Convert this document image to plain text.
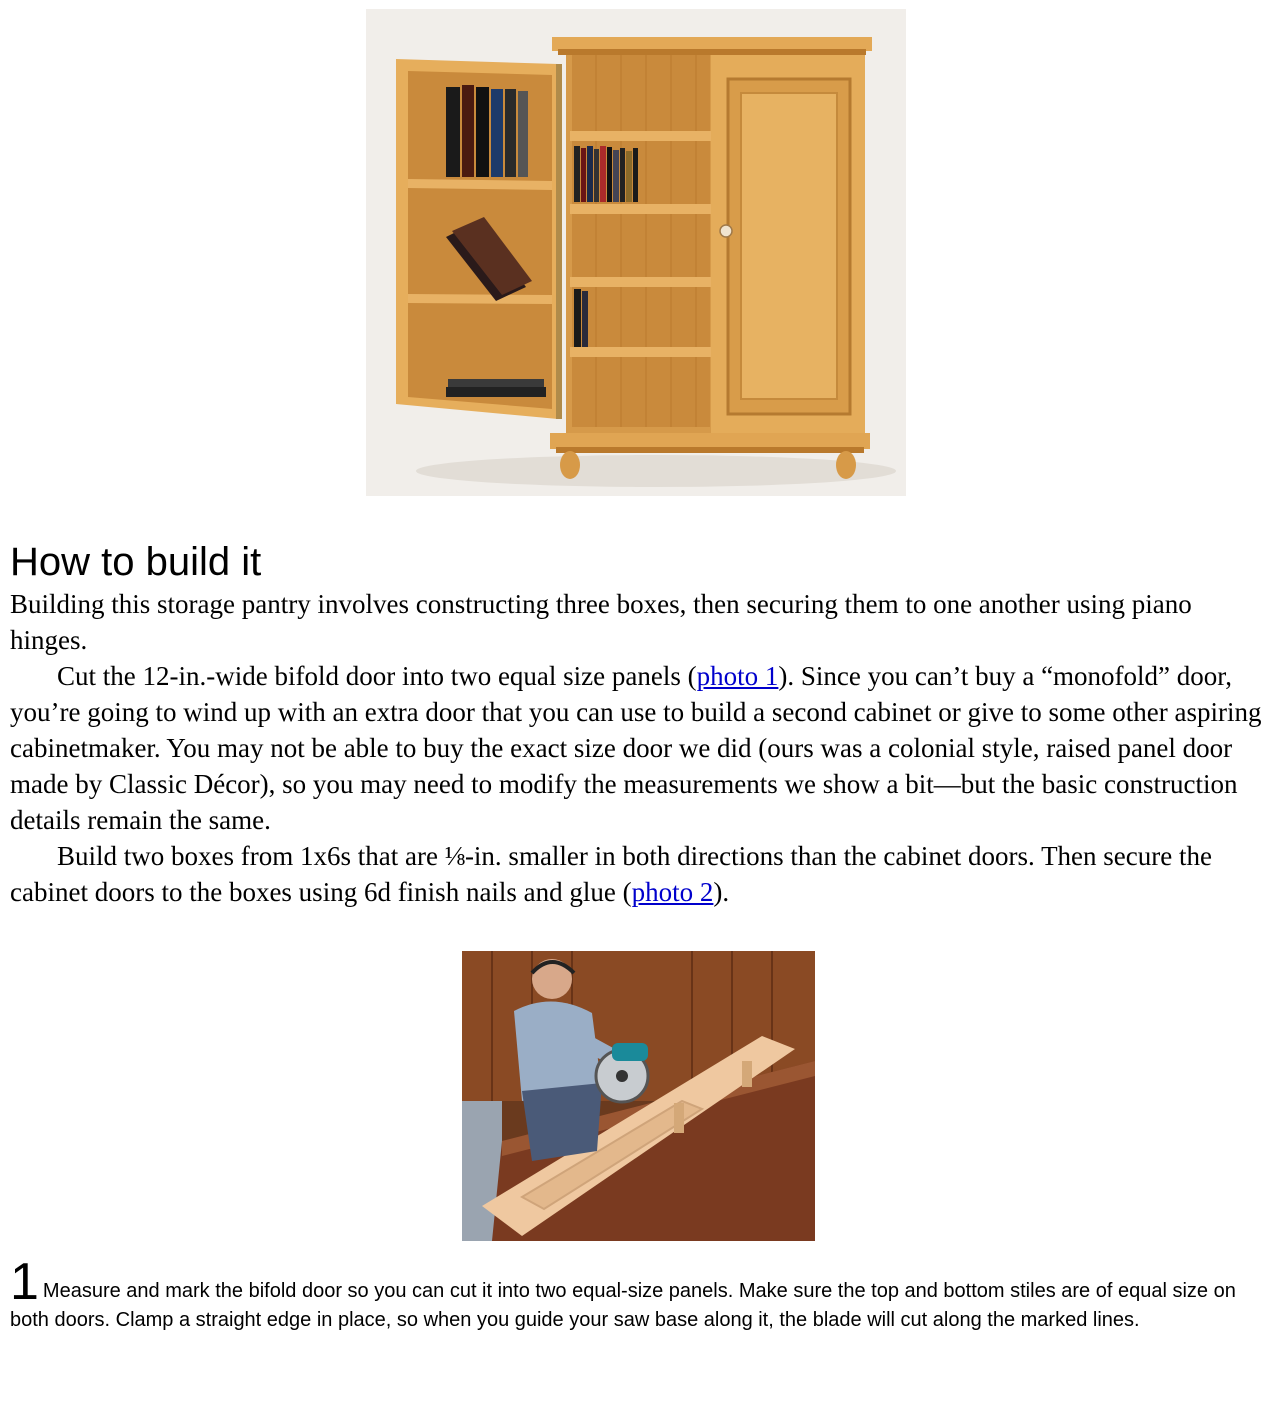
How to build it

Building this storage pantry involves constructing three boxes, then securing them to one another using piano hinges.

Cut the 12-in.-wide bifold door into two equal size panels (photo 1). Since you can’t buy a “monofold” door, you’re going to wind up with an extra door that you can use to build a second cabinet or give to some other aspiring cabinetmaker. You may not be able to buy the exact size door we did (ours was a colonial style, raised panel door made by Classic Décor), so you may need to modify the measurements we show a bit—but the basic construction details remain the same.

Build two boxes from 1x6s that are ⅛-in. smaller in both directions than the cabinet doors. Then secure the cabinet doors to the boxes using 6d finish nails and glue (photo 2).

1 Measure and mark the bifold door so you can cut it into two equal-size panels. Make sure the top and bottom stiles are of equal size on both doors. Clamp a straight edge in place, so when you guide your saw base along it, the blade will cut along the marked lines.
